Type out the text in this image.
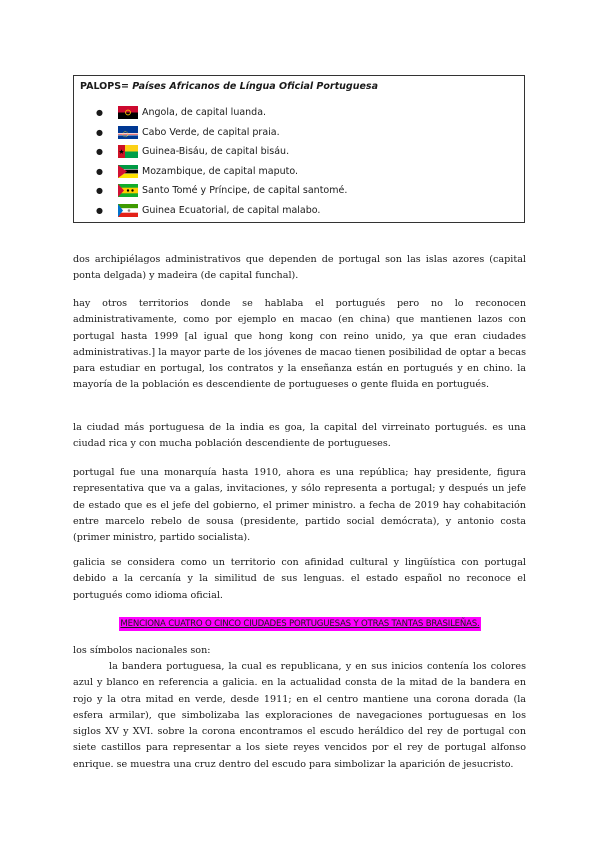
PALOPS= Países Africanos de Língua Oficial Portuguesa
●	Angola, de capital luanda.
●	Cabo Verde, de capital praia.
●	Guinea-Bisáu, de capital bisáu.
●	Mozambique, de capital maputo.
●	Santo Tomé y Príncipe, de capital santomé.
●	Guinea Ecuatorial, de capital malabo.

dos archipiélagos administrativos que dependen de portugal son las islas azores (capital ponta delgada) y madeira (de capital funchal).

hay otros territorios donde se hablaba el portugués pero no lo reconocen administrativamente, como por ejemplo en macao (en china) que mantienen lazos con portugal hasta 1999 [al igual que hong kong con reino unido, ya que eran ciudades administrativas.] la mayor parte de los jóvenes de macao tienen posibilidad de optar a becas para estudiar en portugal, los contratos y la enseñanza están en portugués y en chino. la mayoría de la población es descendiente de portugueses o gente fluida en portugués.

la ciudad más portuguesa de la india es goa, la capital del virreinato portugués. es una ciudad rica y con mucha población descendiente de portugueses.

portugal fue una monarquía hasta 1910, ahora es una república; hay presidente, figura representativa que va a galas, invitaciones, y sólo representa a portugal; y después un jefe de estado que es el jefe del gobierno, el primer ministro. a fecha de 2019 hay cohabitación entre marcelo rebelo de sousa (presidente, partido social demócrata), y antonio costa (primer ministro, partido socialista).

galicia se considera como un territorio con afinidad cultural y lingüística con portugal debido a la cercanía y la similitud de sus lenguas. el estado español no reconoce el portugués como idioma oficial.

MENCIONA CUATRO O CINCO CIUDADES PORTUGUESAS Y OTRAS TANTAS BRASILEÑAS.

los símbolos nacionales son:

la bandera portuguesa, la cual es republicana, y en sus inicios contenía los colores azul y blanco en referencia a galicia. en la actualidad consta de la mitad de la bandera en rojo y la otra mitad en verde, desde 1911; en el centro mantiene una corona dorada (la esfera armilar), que simbolizaba las exploraciones de navegaciones portuguesas en los siglos XV y XVI. sobre la corona encontramos el escudo heráldico del rey de portugal con siete castillos para representar a los siete reyes vencidos por el rey de portugal alfonso enrique. se muestra una cruz dentro del escudo para simbolizar la aparición de jesucristo.
